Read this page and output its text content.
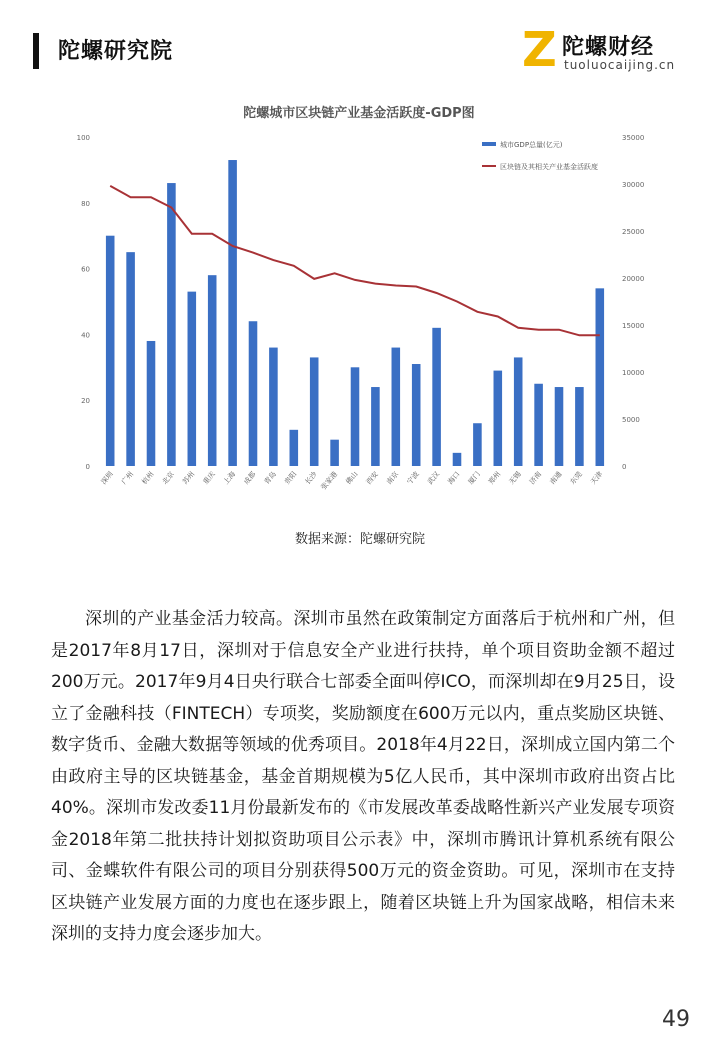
陀螺研究院	Z 陀螺财经
tuoluocaijing.cn
陀螺城市区块链产业基金活跃度-GDP图
0
20
40
60
80
100
0
5000
10000
15000
20000
25000
30000
35000
深圳 广州 杭州 北京 苏州 重庆 上海 成都 青岛 贵阳 长沙 张家港 佛山 西安 南京 宁波 武汉 海口 厦门 郑州 无锡 济南 南通 东莞 天津
城市GDP总量(亿元)
区块链及其相关产业基金活跃度
数据来源：陀螺研究院
深圳的产业基金活力较高。深圳市虽然在政策制定方面落后于杭州和广州，但是2017年8月17日，深圳对于信息安全产业进行扶持，单个项目资助金额不超过200万元。2017年9月4日央行联合七部委全面叫停ICO，而深圳却在9月25日，设立了金融科技（FINTECH）专项奖，奖励额度在600万元以内，重点奖励区块链、数字货币、金融大数据等领域的优秀项目。2018年4月22日，深圳成立国内第二个由政府主导的区块链基金，基金首期规模为5亿人民币，其中深圳市政府出资占比40%。深圳市发改委11月份最新发布的《市发展改革委战略性新兴产业发展专项资金2018年第二批扶持计划拟资助项目公示表》中，深圳市腾讯计算机系统有限公司、金蝶软件有限公司的项目分别获得500万元的资金资助。可见，深圳市在支持区块链产业发展方面的力度也在逐步跟上，随着区块链上升为国家战略，相信未来深圳的支持力度会逐步加大。
49
